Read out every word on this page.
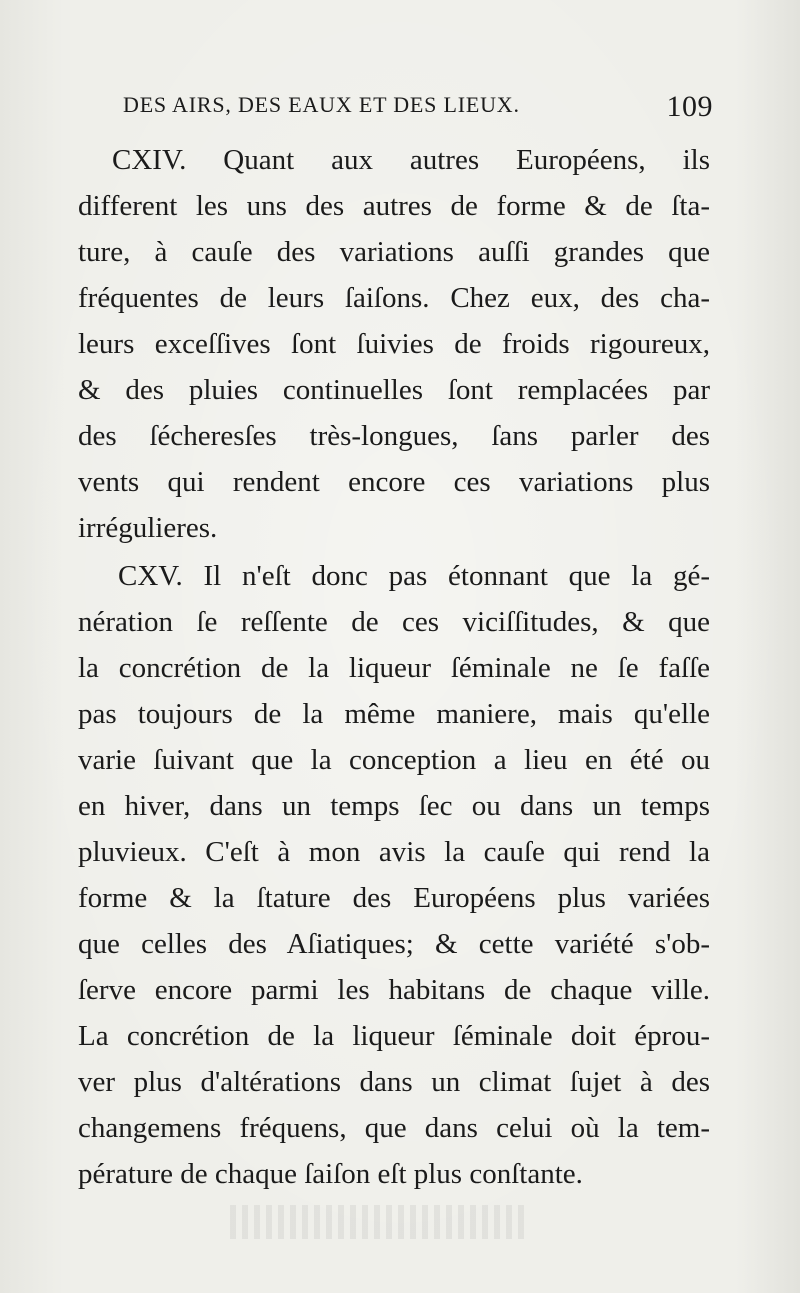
DES AIRS, DES EAUX ET DES LIEUX.	109
CXIV. Quant aux autres Européens, ils
different les uns des autres de forme & de ſta-
ture, à cauſe des variations auſſi grandes que
fréquentes de leurs ſaiſons. Chez eux, des cha-
leurs exceſſives ſont ſuivies de froids rigoureux,
& des pluies continuelles ſont remplacées par
des ſécheresſes très-longues, ſans parler des
vents qui rendent encore ces variations plus
irrégulieres.
CXV. Il n'eſt donc pas étonnant que la gé-
nération ſe reſſente de ces viciſſitudes, & que
la concrétion de la liqueur ſéminale ne ſe faſſe
pas toujours de la même maniere, mais qu'elle
varie ſuivant que la conception a lieu en été ou
en hiver, dans un temps ſec ou dans un temps
pluvieux. C'eſt à mon avis la cauſe qui rend la
forme & la ſtature des Européens plus variées
que celles des Aſiatiques; & cette variété s'ob-
ſerve encore parmi les habitans de chaque ville.
La concrétion de la liqueur ſéminale doit éprou-
ver plus d'altérations dans un climat ſujet à des
changemens fréquens, que dans celui où la tem-
pérature de chaque ſaiſon eſt plus conſtante.
